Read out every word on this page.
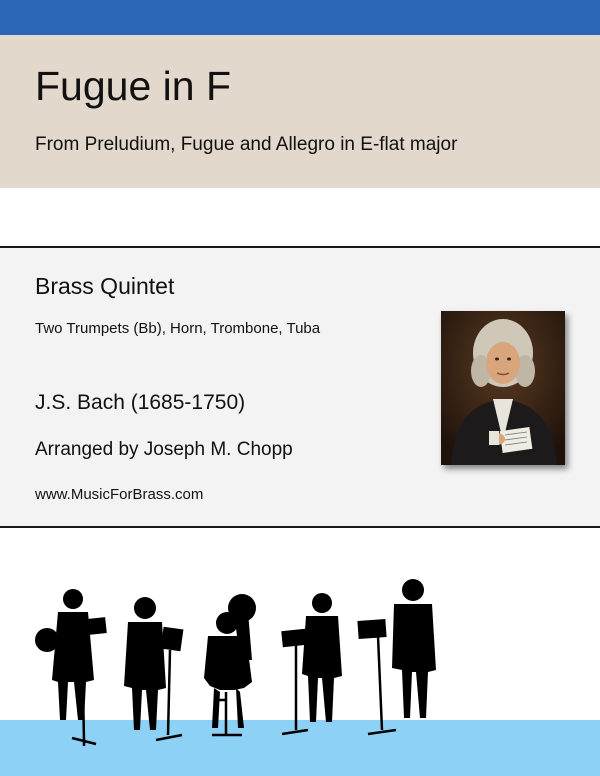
Fugue in F
From Preludium, Fugue and Allegro in E-flat major
Brass Quintet
Two Trumpets (Bb), Horn, Trombone, Tuba
J.S. Bach (1685-1750)
Arranged by Joseph M. Chopp
www.MusicForBrass.com
